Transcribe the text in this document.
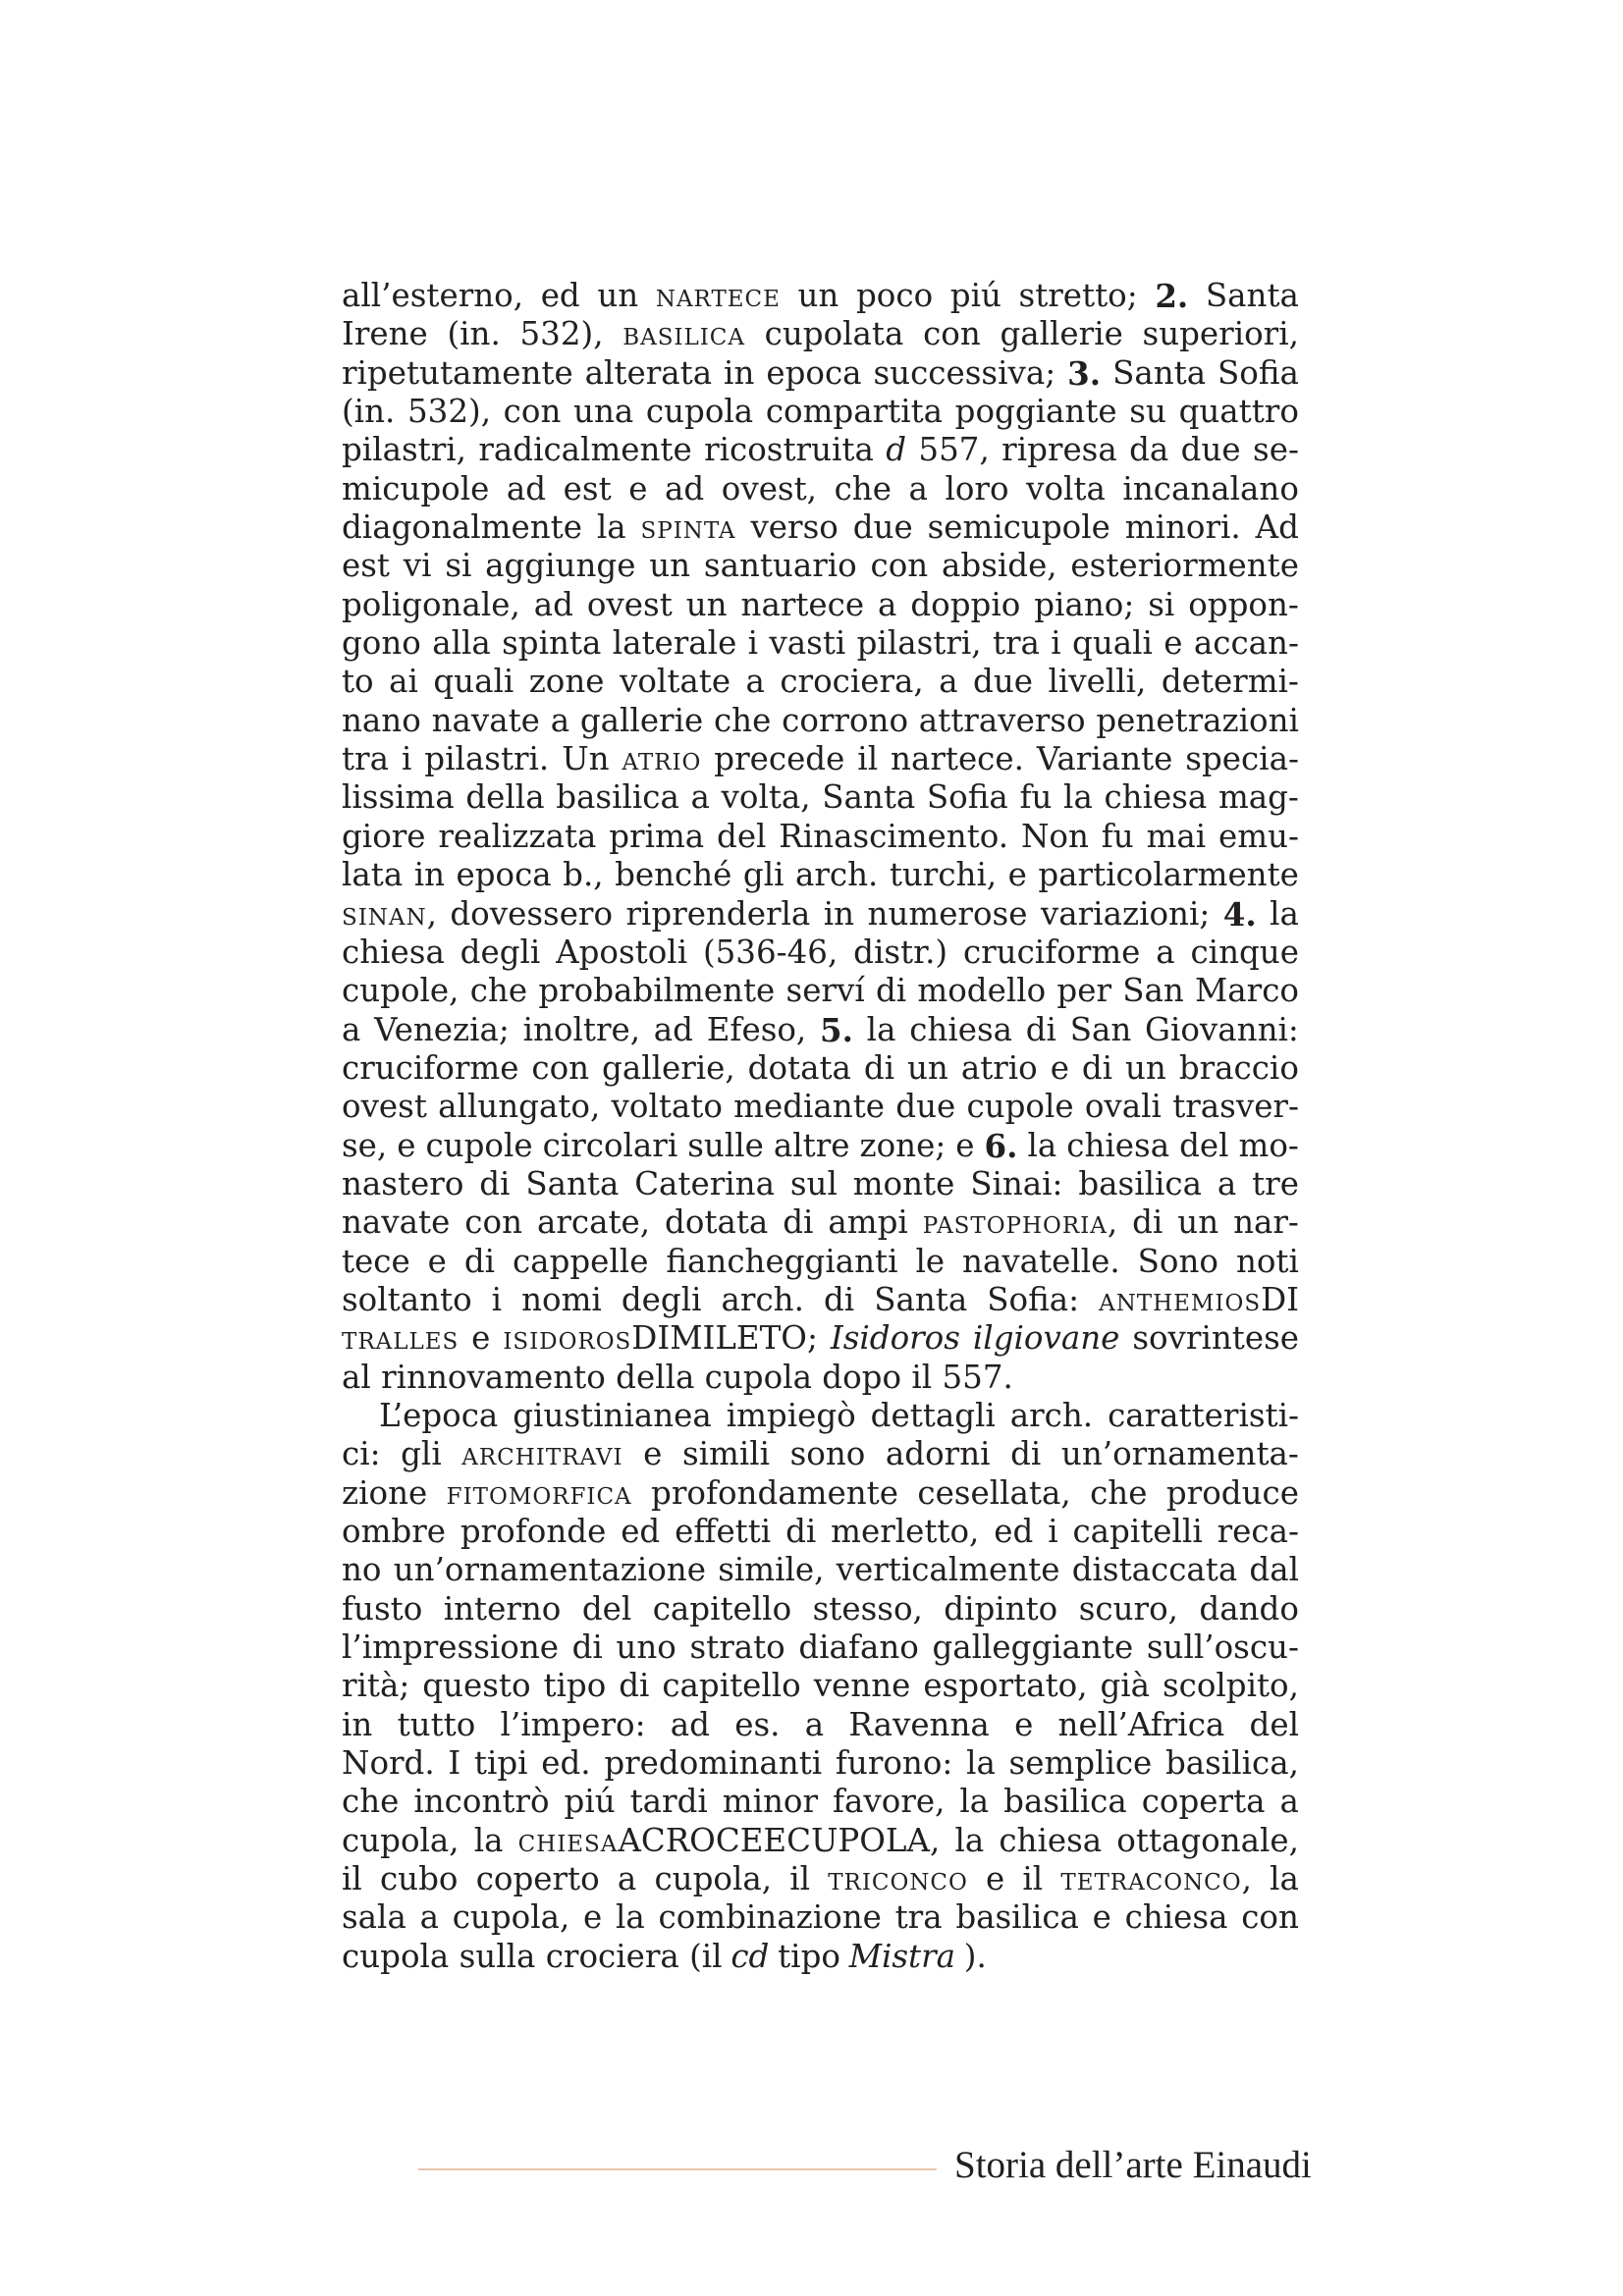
all’esterno, ed un nartece un poco piú stretto; 2. Santa
Irene (in. 532), basilica cupolata con gallerie superiori,
ripetutamente alterata in epoca successiva; 3. Santa Sofia
(in. 532), con una cupola compartita poggiante su quattro
pilastri, radicalmente ricostruita d 557, ripresa da due se-
micupole ad est e ad ovest, che a loro volta incanalano
diagonalmente la spinta verso due semicupole minori. Ad
est vi si aggiunge un santuario con abside, esteriormente
poligonale, ad ovest un nartece a doppio piano; si oppon-
gono alla spinta laterale i vasti pilastri, tra i quali e accan-
to ai quali zone voltate a crociera, a due livelli, determi-
nano navate a gallerie che corrono attraverso penetrazioni
tra i pilastri. Un atrio precede il nartece. Variante specia-
lissima della basilica a volta, Santa Sofia fu la chiesa mag-
giore realizzata prima del Rinascimento. Non fu mai emu-
lata in epoca b., benché gli arch. turchi, e particolarmente
sinan, dovessero riprenderla in numerose variazioni; 4. la
chiesa degli Apostoli (536-46, distr.) cruciforme a cinque
cupole, che probabilmente serví di modello per San Marco
a Venezia; inoltre, ad Efeso, 5. la chiesa di San Giovanni:
cruciforme con gallerie, dotata di un atrio e di un braccio
ovest allungato, voltato mediante due cupole ovali trasver-
se, e cupole circolari sulle altre zone; e 6. la chiesa del mo-
nastero di Santa Caterina sul monte Sinai: basilica a tre
navate con arcate, dotata di ampi pastophoria, di un nar-
tece e di cappelle fiancheggianti le navatelle. Sono noti
soltanto i nomi degli arch. di Santa Sofia: anthemiosDI
tralles e isidorosDIMILETO; Isidoros ilgiovane sovrintese
al rinnovamento della cupola dopo il 557.
L’epoca giustinianea impiegò dettagli arch. caratteristi-
ci: gli architravi e simili sono adorni di un’ornamenta-
zione fitomorfica profondamente cesellata, che produce
ombre profonde ed effetti di merletto, ed i capitelli reca-
no un’ornamentazione simile, verticalmente distaccata dal
fusto interno del capitello stesso, dipinto scuro, dando
l’impressione di uno strato diafano galleggiante sull’oscu-
rità; questo tipo di capitello venne esportato, già scolpito,
in tutto l’impero: ad es. a Ravenna e nell’Africa del
Nord. I tipi ed. predominanti furono: la semplice basilica,
che incontrò piú tardi minor favore, la basilica coperta a
cupola, la chiesaACROCEECUPOLA, la chiesa ottagonale,
il cubo coperto a cupola, il triconco e il tetraconco, la
sala a cupola, e la combinazione tra basilica e chiesa con
cupola sulla crociera (il cd tipo Mistra ).
Storia dell’arte Einaudi
